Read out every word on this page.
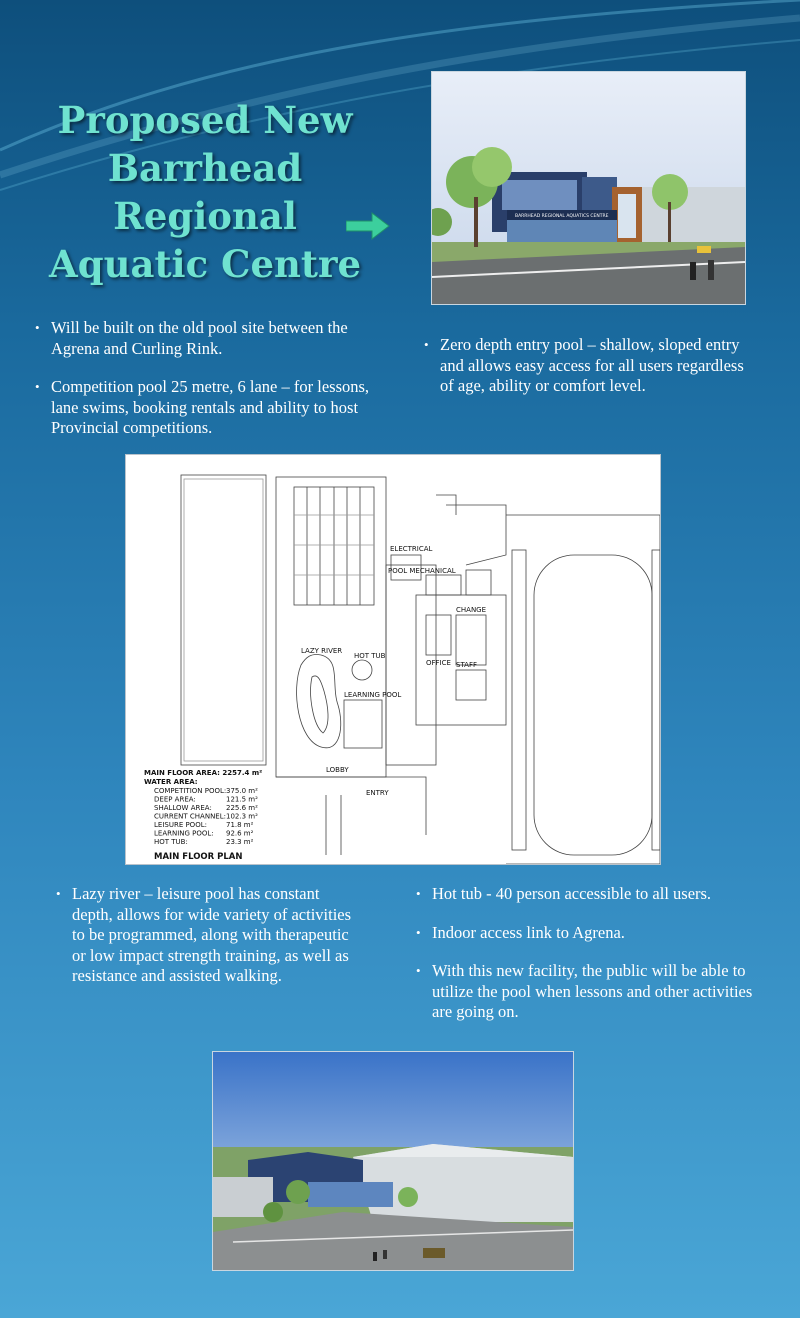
Proposed New
Barrhead
Regional
Aquatic Centre
BARRHEAD REGIONAL AQUATICS CENTRE
• Will be built on the old pool site between the Agrena and Curling Rink.
• Competition pool 25 metre, 6 lane – for lessons, lane swims, booking rentals and ability to host Provincial competitions.
• Zero depth entry pool – shallow, sloped entry and allows easy access for all users regardless of age, ability or comfort level.
MAIN FLOOR AREA: 2257.4 m²
WATER AREA:
COMPETITION POOL: 375.0 m²
DEEP AREA:	121.5 m²
SHALLOW AREA: 225.6 m²
CURRENT CHANNEL: 102.3 m²
LEISURE POOL:	71.8 m²
LEARNING POOL: 92.6 m²
HOT TUB:	23.3 m²
ELECTRICAL
POOL MECHANICAL
LOBBY
ENTRY
LAZY RIVER
LEARNING POOL
HOT TUB
CHANGE
OFFICE STAFF
MAIN FLOOR PLAN
• Lazy river – leisure pool has constant depth, allows for wide variety of activities to be programmed, along with therapeutic or low impact strength training, as well as resistance and assisted walking.
• Hot tub - 40 person accessible to all users.
• Indoor access link to Agrena.
• With this new facility, the public will be able to utilize the pool when lessons and other activities are going on.
